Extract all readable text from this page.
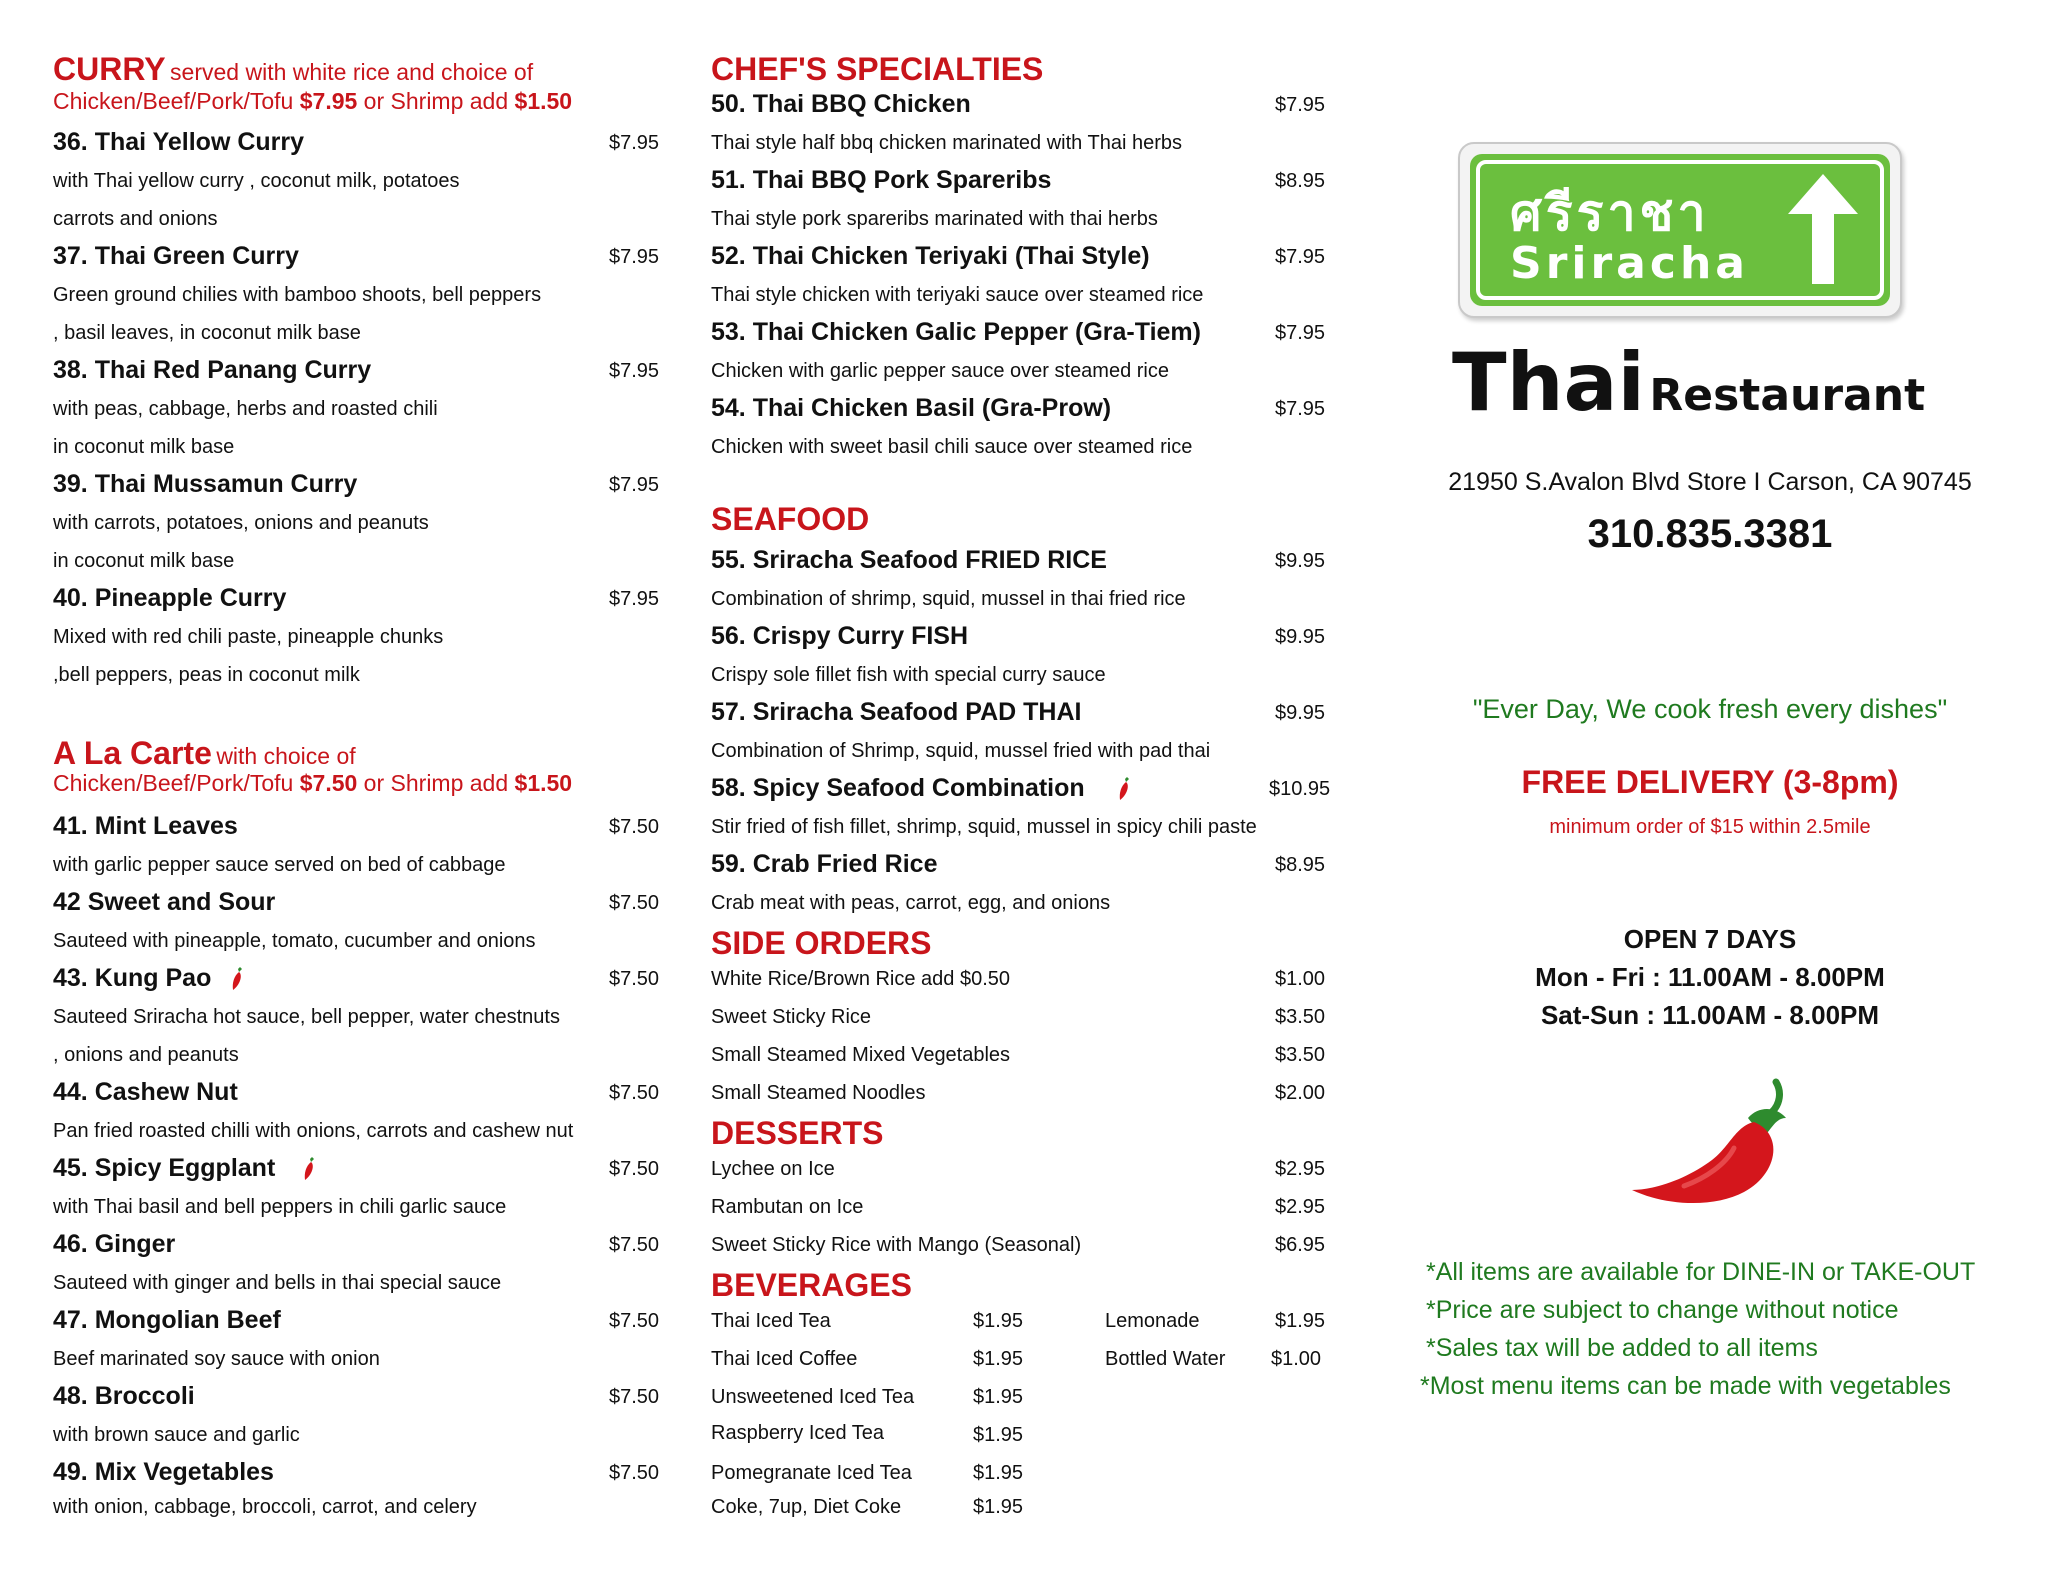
CURRY served with white rice and choice of
Chicken/Beef/Pork/Tofu $7.95 or Shrimp add $1.50
36. Thai Yellow Curry	$7.95
with Thai yellow curry , coconut milk, potatoes
carrots and onions
37. Thai Green Curry	$7.95
Green ground chilies with bamboo shoots, bell peppers
, basil leaves, in coconut milk base
38. Thai Red Panang Curry	$7.95
with peas, cabbage, herbs and roasted chili
in coconut milk base
39. Thai Mussamun Curry	$7.95
with carrots, potatoes, onions and peanuts
in coconut milk base
40. Pineapple Curry	$7.95
Mixed with red chili paste, pineapple chunks
,bell peppers, peas in coconut milk
A La Carte with choice of
Chicken/Beef/Pork/Tofu $7.50 or Shrimp add $1.50
41. Mint Leaves	$7.50
with garlic pepper sauce served on bed of cabbage
42 Sweet and Sour	$7.50
Sauteed with pineapple, tomato, cucumber and onions
43. Kung Pao	$7.50
Sauteed Sriracha hot sauce, bell pepper, water chestnuts
, onions and peanuts
44. Cashew Nut	$7.50
Pan fried roasted chilli with onions, carrots and cashew nut
45. Spicy Eggplant	$7.50
with Thai basil and bell peppers in chili garlic sauce
46. Ginger	$7.50
Sauteed with ginger and bells in thai special sauce
47. Mongolian Beef	$7.50
Beef marinated soy sauce with onion
48. Broccoli	$7.50
with brown sauce and garlic
49. Mix Vegetables	$7.50
with onion, cabbage, broccoli, carrot, and celery
CHEF'S SPECIALTIES
50. Thai BBQ Chicken	$7.95
Thai style half bbq chicken marinated with Thai herbs
51. Thai BBQ Pork Spareribs	$8.95
Thai style pork spareribs marinated with thai herbs
52. Thai Chicken Teriyaki (Thai Style)	$7.95
Thai style chicken with teriyaki sauce over steamed rice
53. Thai Chicken Galic Pepper (Gra-Tiem)	$7.95
Chicken with garlic pepper sauce over steamed rice
54. Thai Chicken Basil (Gra-Prow)	$7.95
Chicken with sweet basil chili sauce over steamed rice
SEAFOOD
55. Sriracha Seafood FRIED RICE	$9.95
Combination of shrimp, squid, mussel in thai fried rice
56. Crispy Curry FISH	$9.95
Crispy sole fillet fish with special curry sauce
57. Sriracha Seafood PAD THAI	$9.95
Combination of Shrimp, squid, mussel fried with pad thai
58. Spicy Seafood Combination	$10.95
Stir fried of fish fillet, shrimp, squid, mussel in spicy chili paste
59. Crab Fried Rice	$8.95
Crab meat with peas, carrot, egg, and onions
SIDE ORDERS
White Rice/Brown Rice add $0.50	$1.00
Sweet Sticky Rice	$3.50
Small Steamed Mixed Vegetables	$3.50
Small Steamed Noodles	$2.00
DESSERTS
Lychee on Ice	$2.95
Rambutan on Ice	$2.95
Sweet Sticky Rice with Mango (Seasonal)	$6.95
BEVERAGES
Thai Iced Tea	$1.95
Thai Iced Coffee	$1.95
Unsweetened Iced Tea	$1.95
Raspberry Iced Tea	$1.95
Pomegranate Iced Tea	$1.95
Coke, 7up, Diet Coke	$1.95
Lemonade	$1.95
Bottled Water $1.00
ศรีราชา
Sriracha
Thai Restaurant
21950 S.Avalon Blvd Store I Carson, CA 90745
310.835.3381
"Ever Day, We cook fresh every dishes"
FREE DELIVERY (3-8pm)
minimum order of $15 within 2.5mile
OPEN 7 DAYS
Mon - Fri : 11.00AM - 8.00PM
Sat-Sun : 11.00AM - 8.00PM
*All items are available for DINE-IN or TAKE-OUT
*Price are subject to change without notice
*Sales tax will be added to all items
*Most menu items can be made with vegetables
